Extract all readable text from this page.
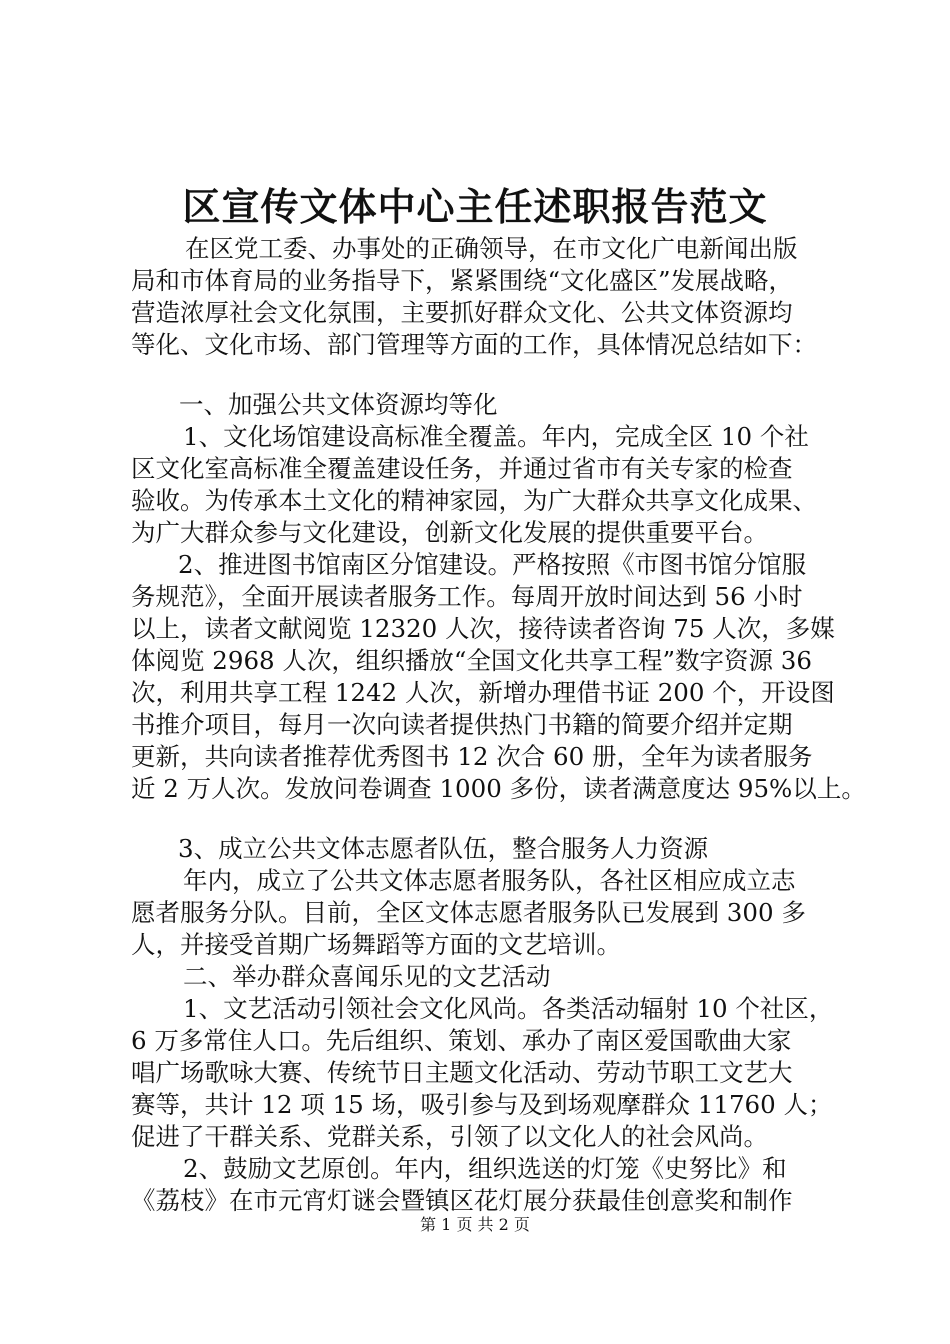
区宣传文体中心主任述职报告范文
在区党工委、办事处的正确领导，在市文化广电新闻出版
局和市体育局的业务指导下，紧紧围绕“文化盛区”发展战略，
营造浓厚社会文化氛围，主要抓好群众文化、公共文体资源均
等化、文化市场、部门管理等方面的工作，具体情况总结如下：
一、加强公共文体资源均等化
1、文化场馆建设高标准全覆盖。年内，完成全区 10 个社
区文化室高标准全覆盖建设任务，并通过省市有关专家的检查
验收。为传承本土文化的精神家园，为广大群众共享文化成果、
为广大群众参与文化建设，创新文化发展的提供重要平台。
2、推进图书馆南区分馆建设。严格按照《市图书馆分馆服
务规范》，全面开展读者服务工作。每周开放时间达到 56 小时
以上，读者文献阅览 12320 人次，接待读者咨询 75 人次，多媒
体阅览 2968 人次，组织播放“全国文化共享工程”数字资源 36
次，利用共享工程 1242 人次，新增办理借书证 200 个，开设图
书推介项目，每月一次向读者提供热门书籍的简要介绍并定期
更新，共向读者推荐优秀图书 12 次合 60 册，全年为读者服务
近 2 万人次。发放问卷调查 1000 多份，读者满意度达 95%以上。
3、成立公共文体志愿者队伍，整合服务人力资源
年内，成立了公共文体志愿者服务队，各社区相应成立志
愿者服务分队。目前，全区文体志愿者服务队已发展到 300 多
人，并接受首期广场舞蹈等方面的文艺培训。
二、举办群众喜闻乐见的文艺活动
1、文艺活动引领社会文化风尚。各类活动辐射 10 个社区，
6 万多常住人口。先后组织、策划、承办了南区爱国歌曲大家
唱广场歌咏大赛、传统节日主题文化活动、劳动节职工文艺大
赛等，共计 12 项 15 场，吸引参与及到场观摩群众 11760 人；
促进了干群关系、党群关系，引领了以文化人的社会风尚。
2、鼓励文艺原创。年内，组织选送的灯笼《史努比》和
《荔枝》在市元宵灯谜会暨镇区花灯展分获最佳创意奖和制作
第 1 页 共 2 页
